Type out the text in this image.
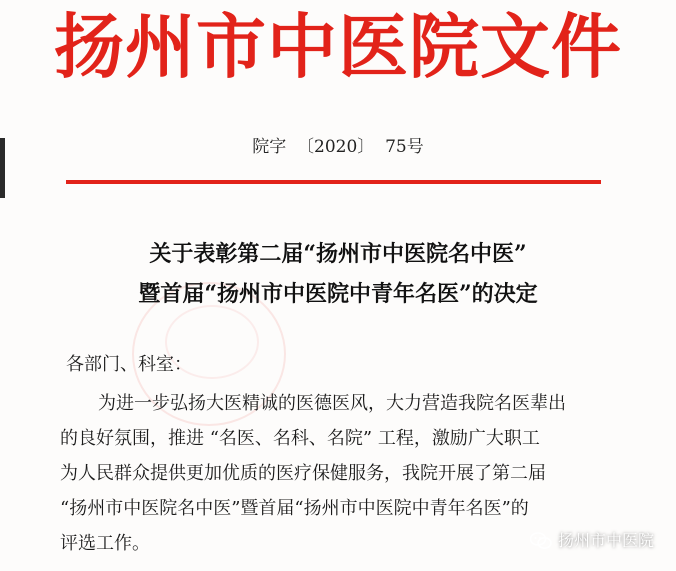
扬州市中医院文件
院字  〔2020〕  75号
关于表彰第二届“扬州市中医院名中医”
暨首届“扬州市中医院中青年名医”的决定
各部门、科室：
为进一步弘扬大医精诚的医德医风，大力营造我院名医辈出
的良好氛围，推进 “名医、名科、名院” 工程，激励广大职工
为人民群众提供更加优质的医疗保健服务，我院开展了第二届
“扬州市中医院名中医”暨首届“扬州市中医院中青年名医”的
评选工作。	扬州市中医院
